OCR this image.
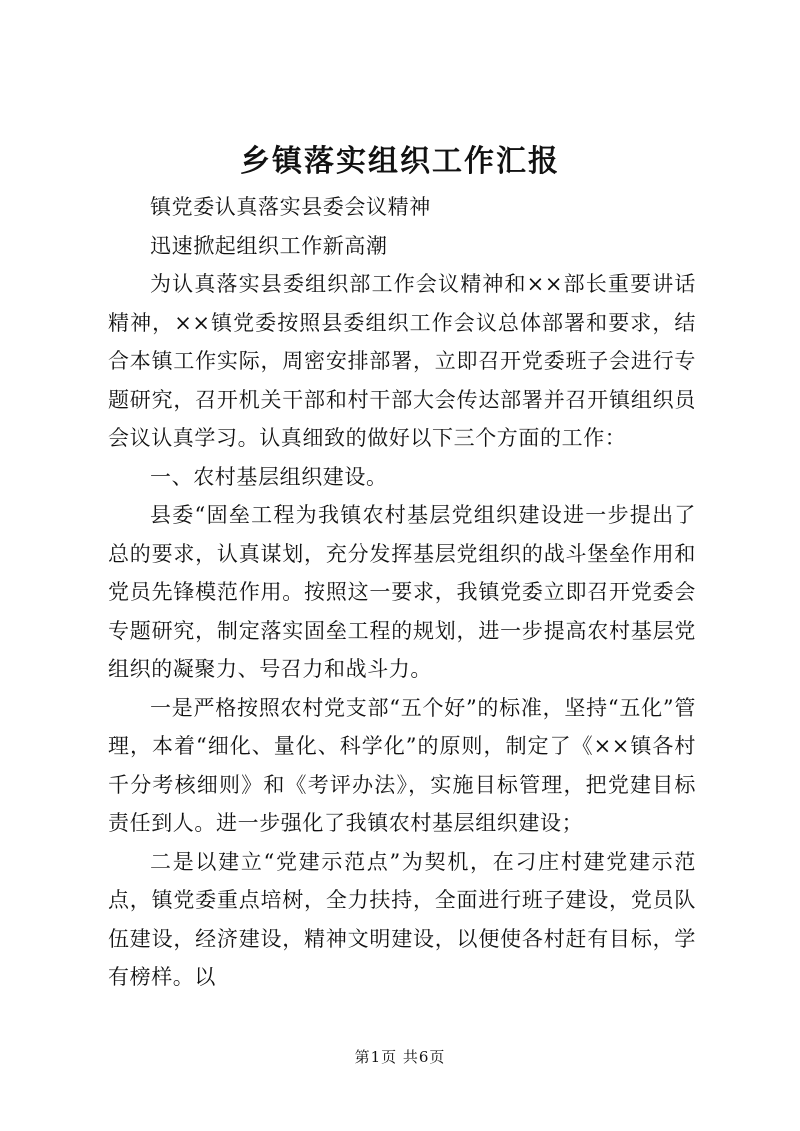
乡镇落实组织工作汇报

镇党委认真落实县委会议精神

迅速掀起组织工作新高潮

为认真落实县委组织部工作会议精神和××部长重要讲话精神，××镇党委按照县委组织工作会议总体部署和要求，结合本镇工作实际，周密安排部署，立即召开党委班子会进行专题研究，召开机关干部和村干部大会传达部署并召开镇组织员会议认真学习。认真细致的做好以下三个方面的工作：

一、农村基层组织建设。

县委“固垒工程为我镇农村基层党组织建设进一步提出了总的要求，认真谋划，充分发挥基层党组织的战斗堡垒作用和党员先锋模范作用。按照这一要求，我镇党委立即召开党委会专题研究，制定落实固垒工程的规划，进一步提高农村基层党组织的凝聚力、号召力和战斗力。

一是严格按照农村党支部“五个好”的标准，坚持“五化”管理，本着“细化、量化、科学化”的原则，制定了《××镇各村千分考核细则》和《考评办法》，实施目标管理，把党建目标责任到人。进一步强化了我镇农村基层组织建设；

二是以建立“党建示范点”为契机，在刁庄村建党建示范点，镇党委重点培树，全力扶持，全面进行班子建设，党员队伍建设，经济建设，精神文明建设，以便使各村赶有目标，学有榜样。以

第1页 共6页
